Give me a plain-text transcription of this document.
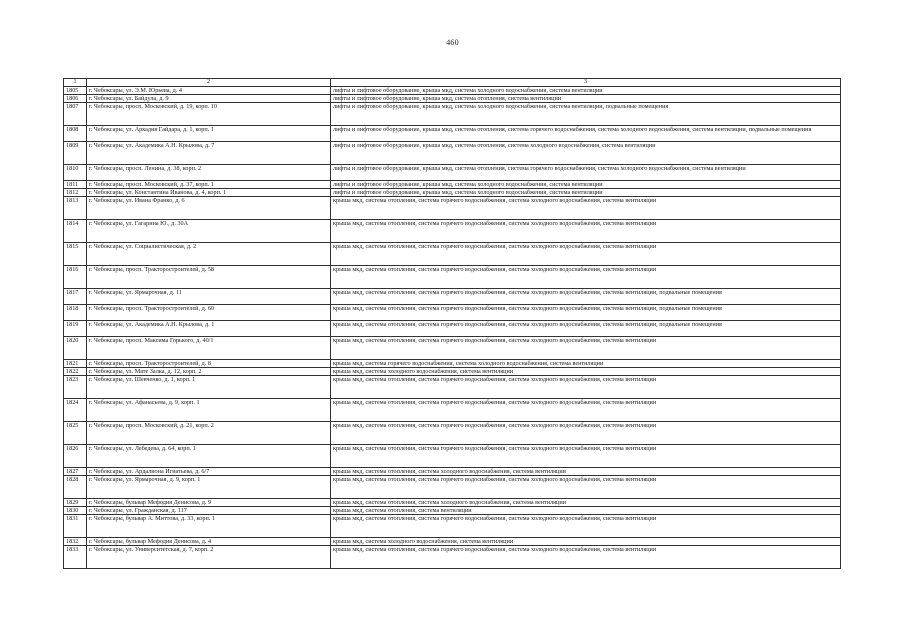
460
1	2	3
1805	г. Чебоксары, ул. Э.М. Юрьева, д. 4	лифты и лифтовое оборудование, крыша мкд, система холодного водоснабжения, система вентиляции
1806	г. Чебоксары, ул. Байдула, д. 9	лифты и лифтовое оборудование, крыша мкд, система отопления, система вентиляции
1807	г. Чебоксары, просп. Московский, д. 19, корп. 10	лифты и лифтовое оборудование, крыша мкд, система холодного водоснабжения, система вентиляции, подвальные помещения
1808	г. Чебоксары, ул. Аркадия Гайдара, д. 1, корп. 1	лифты и лифтовое оборудование, крыша мкд, система отопления, система горячего водоснабжения, система холодного водоснабжения, система вентиляции, подвальные помещения
1809	г. Чебоксары, ул. Академика А.Н. Крылова, д. 7	лифты и лифтовое оборудование, крыша мкд, система отопления, система холодного водоснабжения, система вентиляции
1810	г. Чебоксары, просп. Ленина, д. 38, корп. 2	лифты и лифтовое оборудование, крыша мкд, система отопления, система горячего водоснабжения, система холодного водоснабжения, система вентиляции
1811	г. Чебоксары, просп. Московский, д. 37, корп. 1	лифты и лифтовое оборудование, крыша мкд, система холодного водоснабжения, система вентиляции
1812	г. Чебоксары, ул. Константина Иванова, д. 4, корп. 1	лифты и лифтовое оборудование, крыша мкд, система холодного водоснабжения, система вентиляции
1813	г. Чебоксары, ул. Ивана Франко, д. 6	крыша мкд, система отопления, система горячего водоснабжения, система холодного водоснабжения, система вентиляции
1814	г. Чебоксары, ул. Гагарина Ю., д. 30А	крыша мкд, система отопления, система горячего водоснабжения, система холодного водоснабжения, система вентиляции
1815	г. Чебоксары, ул. Социалистическая, д. 2	крыша мкд, система отопления, система горячего водоснабжения, система холодного водоснабжения, система вентиляции
1816	г. Чебоксары, просп. Тракторостроителей, д. 58	крыша мкд, система отопления, система горячего водоснабжения, система холодного водоснабжения, система вентиляции
1817	г. Чебоксары, ул. Ярмарочная, д. 11	крыша мкд, система отопления, система горячего водоснабжения, система холодного водоснабжения, система вентиляции, подвальные помещения
1818	г. Чебоксары, просп. Тракторостроителей, д. 60	крыша мкд, система отопления, система горячего водоснабжения, система холодного водоснабжения, система вентиляции, подвальные помещения
1819	г. Чебоксары, ул. Академика А.Н. Крылова, д. 1	крыша мкд, система отопления, система горячего водоснабжения, система холодного водоснабжения, система вентиляции, подвальные помещения
1820	г. Чебоксары, просп. Максима Горького, д. 40/1	крыша мкд, система отопления, система горячего водоснабжения, система холодного водоснабжения, система вентиляции
1821	г. Чебоксары, просп. Тракторостроителей, д. 8	крыша мкд, система горячего водоснабжения, система холодного водоснабжения, система вентиляции
1822	г. Чебоксары, ул. Мате Залка, д. 12, корп. 2	крыша мкд, система холодного водоснабжения, система вентиляции
1823	г. Чебоксары, ул. Шевченко, д. 1, корп. 1	крыша мкд, система отопления, система горячего водоснабжения, система холодного водоснабжения, система вентиляции
1824	г. Чебоксары, ул. Афанасьева, д. 9, корп. 1	крыша мкд, система отопления, система горячего водоснабжения, система холодного водоснабжения, система вентиляции
1825	г. Чебоксары, просп. Московский, д. 21, корп. 2	крыша мкд, система отопления, система горячего водоснабжения, система холодного водоснабжения, система вентиляции
1826	г. Чебоксары, ул. Лебедева, д. 64, корп. 1	крыша мкд, система отопления, система горячего водоснабжения, система холодного водоснабжения, система вентиляции
1827	г. Чебоксары, ул. Ардалиона Игнатьева, д. 6/7	крыша мкд, система отопления, система холодного водоснабжения, система вентиляции
1828	г. Чебоксары, ул. Ярмарочная, д. 9, корп. 1	крыша мкд, система отопления, система горячего водоснабжения, система холодного водоснабжения, система вентиляции
1829	г. Чебоксары, бульвар Мефодия Денисова, д. 9	крыша мкд, система отопления, система холодного водоснабжения, система вентиляции
1830	г. Чебоксары, ул. Гражданская, д. 117	крыша мкд, система отопления, система вентиляции
1831	г. Чебоксары, бульвар А. Миттова, д. 33, корп. 1	крыша мкд, система отопления, система горячего водоснабжения, система холодного водоснабжения, система вентиляции
1832	г. Чебоксары, бульвар Мефодия Денисова, д. 4	крыша мкд, система холодного водоснабжения, система вентиляции
1833	г. Чебоксары, ул. Университетская, д. 7, корп. 2	крыша мкд, система отопления, система горячего водоснабжения, система холодного водоснабжения, система вентиляции
